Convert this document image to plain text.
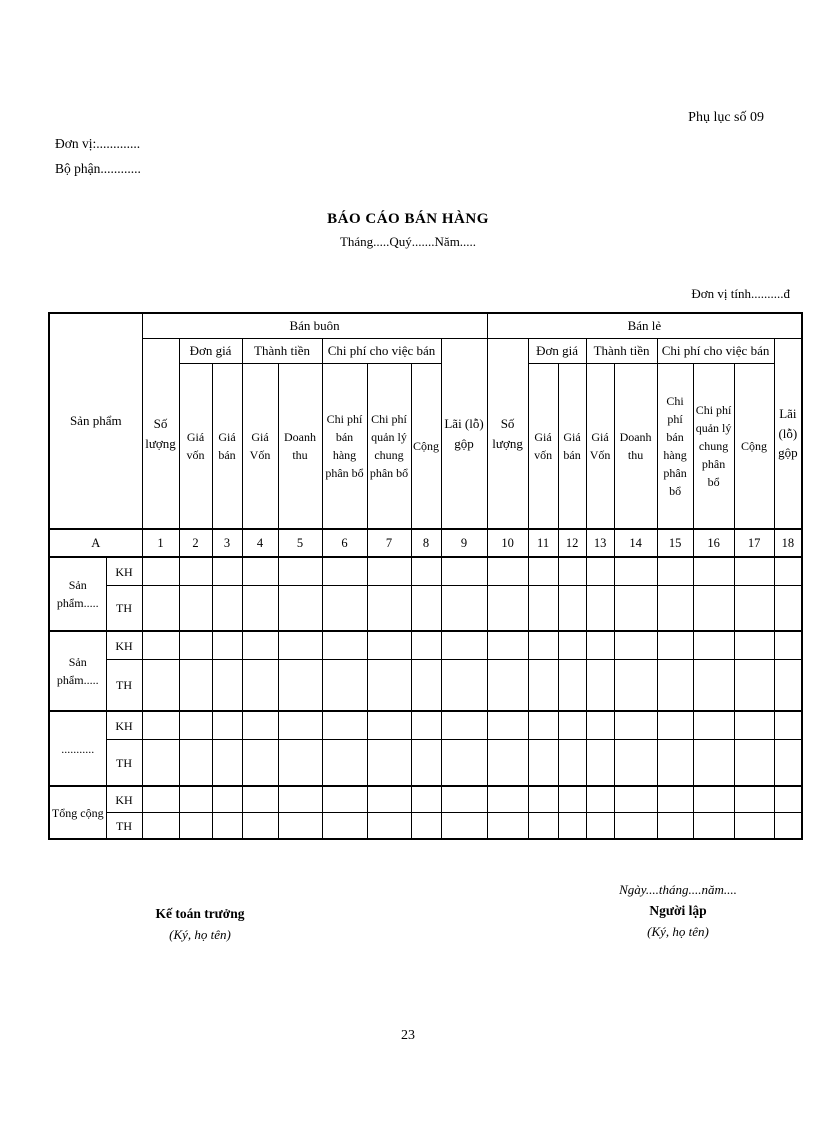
Phụ lục số 09
Đơn vị:.............
Bộ phận............
BÁO CÁO BÁN HÀNG
Tháng.....Quý.......Năm.....
Đơn vị tính..........đ
Sản phẩm		Bán buôn									Bán lẻ								
		Số lượng	Đơn giá		Thành tiền		Chi phí cho việc bán			Lãi (lỗ) gộp	Số lượng	Đơn giá		Thành tiền		Chi phí cho việc bán			Lãi (lỗ) gộp
			Giá vốn	Giá bán	Giá Vốn	Doanh thu	Chi phí bán hàng phân bổ	Chi phí quản lý chung phân bổ	Cộng			Giá vốn	Giá bán	Giá Vốn	Doanh thu	Chi phí bán hàng phân bổ	Chi phí quản lý chung phân bổ	Cộng	
A		1	2	3	4	5	6	7	8	9	10	11	12	13	14	15	16	17	18
Sản phẩm.....	KH																		
	TH																		
Sản phẩm.....	KH																		
	TH																		
...........	KH																		
	TH																		
Tổng cộng	KH																		
	TH																		
Kế toán trưởng
(Ký, họ tên)
Ngày....tháng....năm....
Người lập
(Ký, họ tên)
23
